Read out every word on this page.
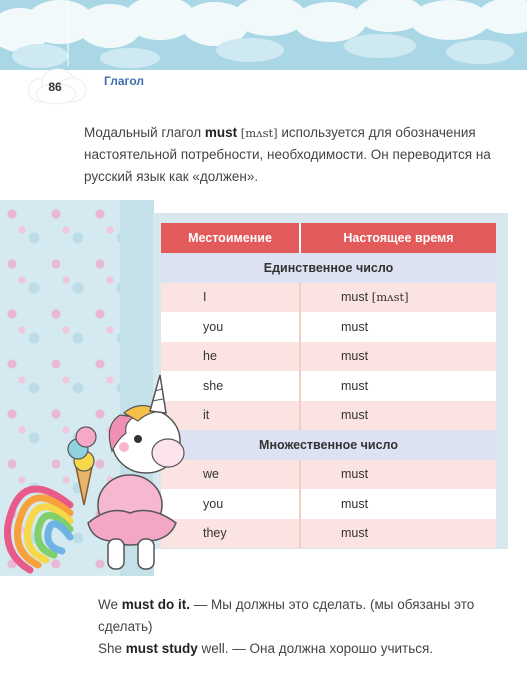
86	Глагол
Модальный глагол must [mʌst] используется для обозначения настоятельной потребности, необходимости. Он переводится на русский язык как «должен».
Местоимение	Настоящее время
Единственное число	
I	must [mʌst]
you	must
he	must
she	must
it	must
Множественное число	
we	must
you	must
they	must
We must do it. — Мы должны это сделать. (мы обязаны это сделать)
She must study well. — Она должна хорошо учиться.
